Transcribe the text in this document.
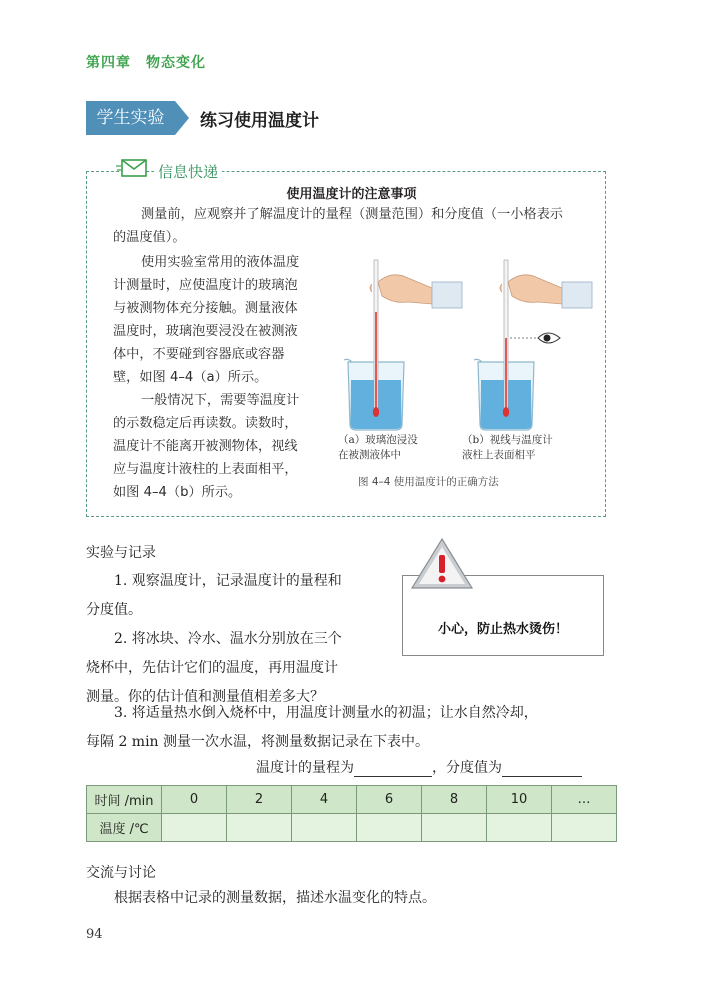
第四章　物态变化
学生实验	练习使用温度计
信息快递
使用温度计的注意事项
测量前，应观察并了解温度计的量程（测量范围）和分度值（一小格表示
的温度值）。
使用实验室常用的液体温度
计测量时，应使温度计的玻璃泡
与被测物体充分接触。测量液体
温度时，玻璃泡要浸没在被测液
体中，不要碰到容器底或容器
壁，如图 4–4（a）所示。
一般情况下，需要等温度计
的示数稳定后再读数。读数时，
温度计不能离开被测物体，视线
应与温度计液柱的上表面相平，
如图 4–4（b）所示。
（a）玻璃泡浸没
在被测液体中
（b）视线与温度计
液柱上表面相平
图 4–4 使用温度计的正确方法
实验与记录
1. 观察温度计，记录温度计的量程和
分度值。
2. 将冰块、冷水、温水分别放在三个
烧杯中，先估计它们的温度，再用温度计
测量。你的估计值和测量值相差多大？
小心，防止热水烫伤！
3. 将适量热水倒入烧杯中，用温度计测量水的初温；让水自然冷却，
每隔 2 min 测量一次水温，将测量数据记录在下表中。
温度计的量程为	，分度值为
时间 /min	0	2	4	6	8	10	…
温度 /℃							
交流与讨论
根据表格中记录的测量数据，描述水温变化的特点。
94
